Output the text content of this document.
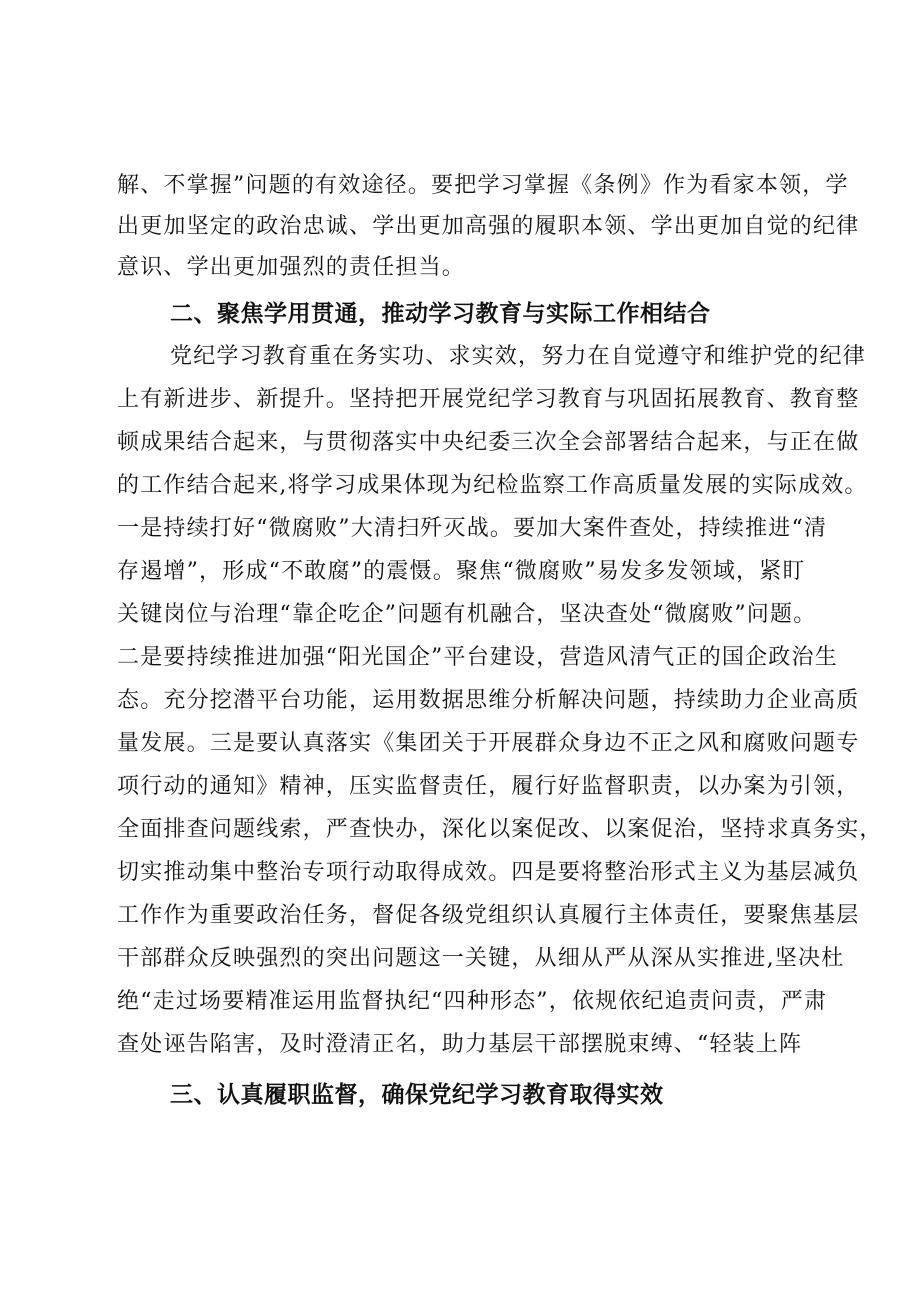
解、不掌握”问题的有效途径。要把学习掌握《条例》作为看家本领，学
出更加坚定的政治忠诚、学出更加高强的履职本领、学出更加自觉的纪律
意识、学出更加强烈的责任担当。
二、聚焦学用贯通，推动学习教育与实际工作相结合
党纪学习教育重在务实功、求实效，努力在自觉遵守和维护党的纪律
上有新进步、新提升。坚持把开展党纪学习教育与巩固拓展教育、教育整
顿成果结合起来，与贯彻落实中央纪委三次全会部署结合起来，与正在做
的工作结合起来,将学习成果体现为纪检监察工作高质量发展的实际成效。
一是持续打好“微腐败”大清扫歼灭战。要加大案件查处，持续推进“清
存遏增”，形成“不敢腐”的震慑。聚焦“微腐败”易发多发领域，紧盯
关键岗位与治理“靠企吃企”问题有机融合，坚决查处“微腐败”问题。
二是要持续推进加强“阳光国企”平台建设，营造风清气正的国企政治生
态。充分挖潜平台功能，运用数据思维分析解决问题，持续助力企业高质
量发展。三是要认真落实《集团关于开展群众身边不正之风和腐败问题专
项行动的通知》精神，压实监督责任，履行好监督职责，以办案为引领，
全面排查问题线索，严查快办，深化以案促改、以案促治，坚持求真务实，
切实推动集中整治专项行动取得成效。四是要将整治形式主义为基层减负
工作作为重要政治任务，督促各级党组织认真履行主体责任，要聚焦基层
干部群众反映强烈的突出问题这一关键，从细从严从深从实推进,坚决杜
绝“走过场要精准运用监督执纪“四种形态”，依规依纪追责问责，严肃
查处诬告陷害，及时澄清正名，助力基层干部摆脱束缚、“轻装上阵
三、认真履职监督，确保党纪学习教育取得实效
